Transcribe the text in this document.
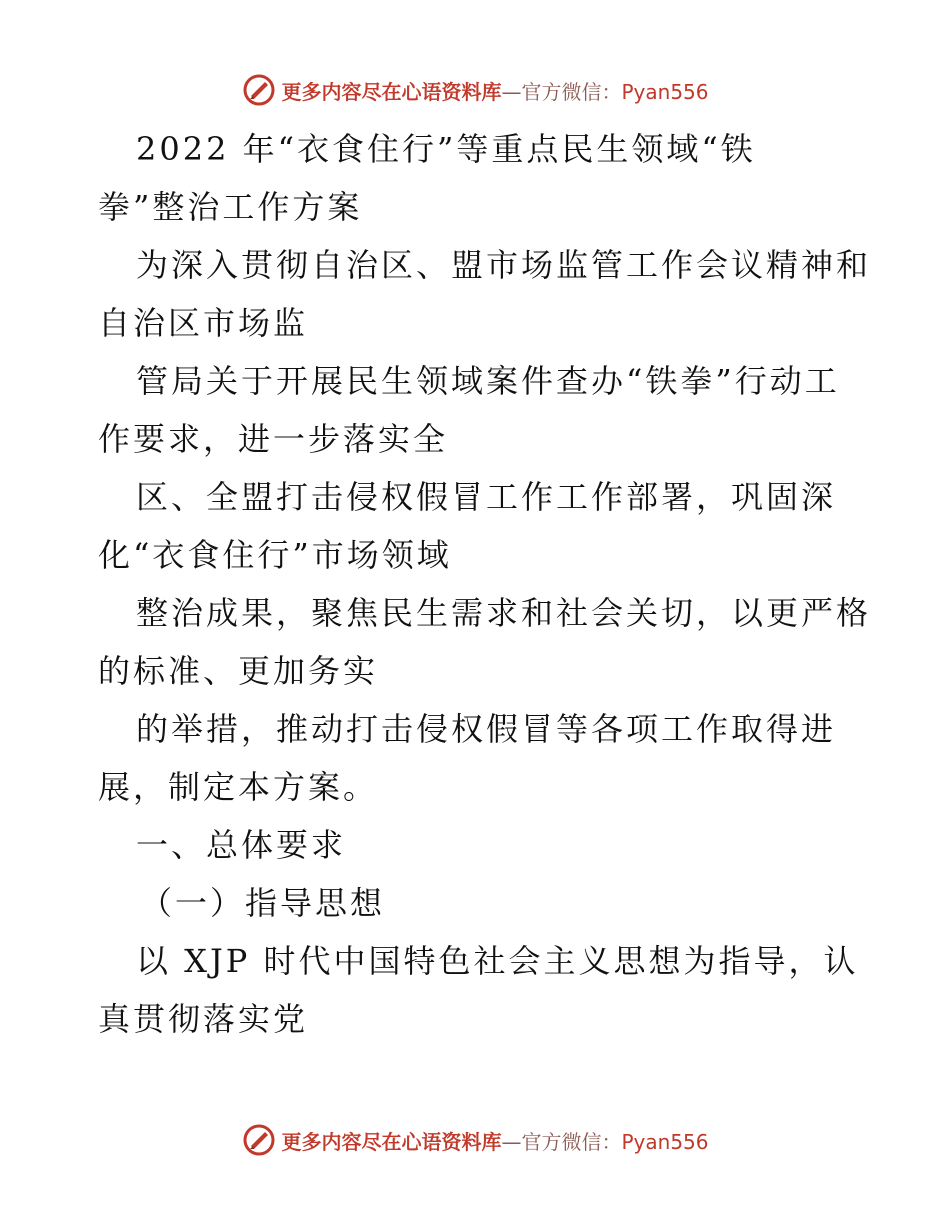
更多内容尽在心语资料库—官方微信：Pyan556
2022 年“衣食住行”等重点民生领域“铁
拳”整治工作方案
为深入贯彻自治区、盟市场监管工作会议精神和
自治区市场监
管局关于开展民生领域案件查办“铁拳”行动工
作要求，进一步落实全
区、全盟打击侵权假冒工作工作部署，巩固深
化“衣食住行”市场领域
整治成果，聚焦民生需求和社会关切，以更严格
的标准、更加务实
的举措，推动打击侵权假冒等各项工作取得进
展，制定本方案。
一、总体要求
（一）指导思想
以 XJP 时代中国特色社会主义思想为指导，认
真贯彻落实党
更多内容尽在心语资料库—官方微信：Pyan556
